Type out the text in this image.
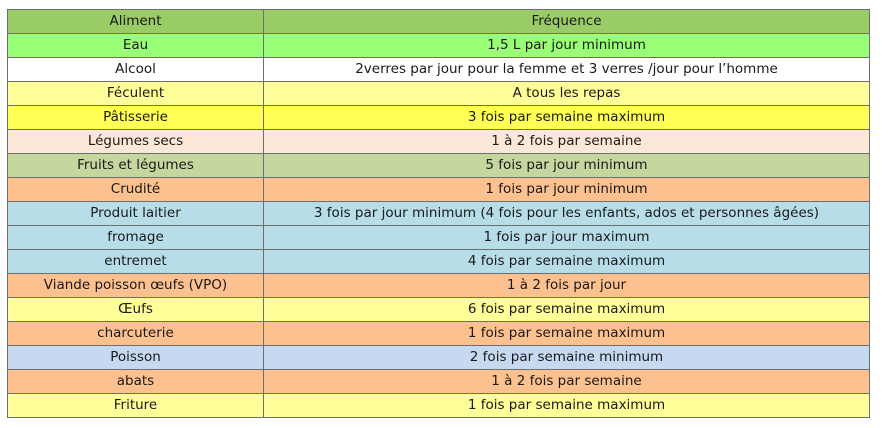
Aliment	Fréquence
Eau	1,5 L par jour minimum
Alcool	2verres par jour pour la femme et 3 verres /jour pour l’homme
Féculent	A tous les repas
Pâtisserie	3 fois par semaine maximum
Légumes secs	1 à 2 fois par semaine
Fruits et légumes	5 fois par jour minimum
Crudité	1 fois par jour minimum
Produit laitier	3 fois par jour minimum (4 fois pour les enfants, ados et personnes âgées)
fromage	1 fois par jour maximum
entremet	4 fois par semaine maximum
Viande poisson œufs (VPO)	1 à 2 fois par jour
Œufs	6 fois par semaine maximum
charcuterie	1 fois par semaine maximum
Poisson	2 fois par semaine minimum
abats	1 à 2 fois par semaine
Friture	1 fois par semaine maximum
